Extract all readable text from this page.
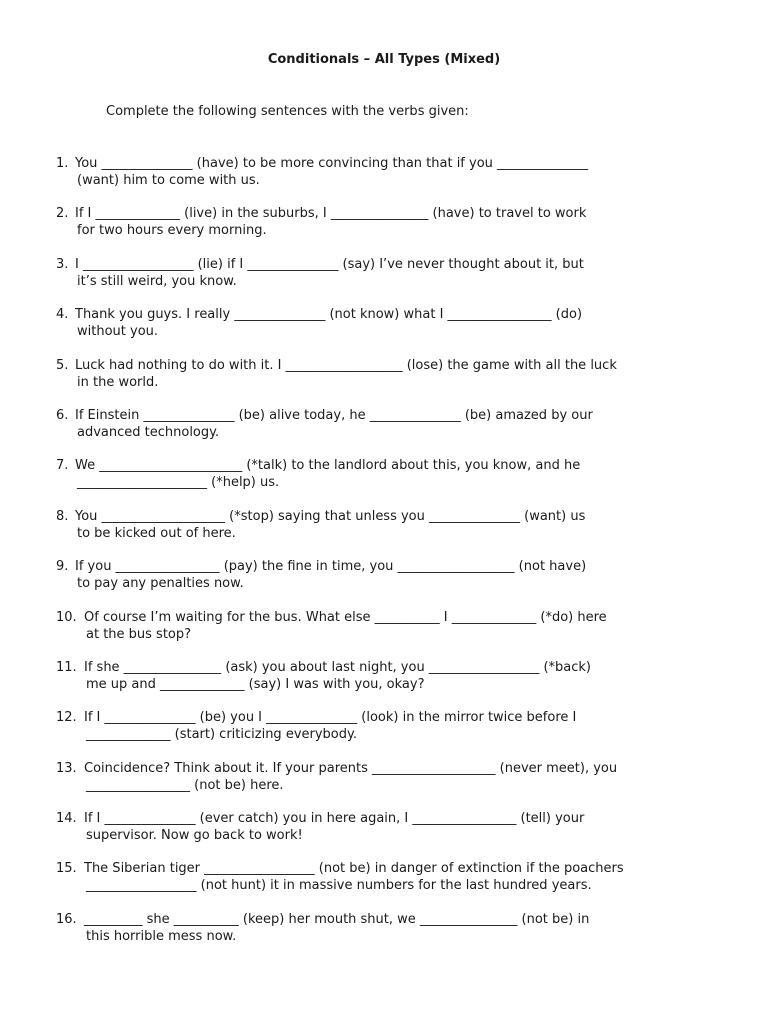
Conditionals – All Types (Mixed)
Complete the following sentences with the verbs given:
1. You ______________ (have) to be more convincing than that if you ______________
(want) him to come with us.
2. If I _____________ (live) in the suburbs, I _______________ (have) to travel to work
for two hours every morning.
3. I _________________ (lie) if I ______________ (say) I’ve never thought about it, but
it’s still weird, you know.
4. Thank you guys. I really ______________ (not know) what I ________________ (do)
without you.
5. Luck had nothing to do with it. I __________________ (lose) the game with all the luck
in the world.
6. If Einstein ______________ (be) alive today, he ______________ (be) amazed by our
advanced technology.
7. We ______________________ (*talk) to the landlord about this, you know, and he
____________________ (*help) us.
8. You ___________________ (*stop) saying that unless you ______________ (want) us
to be kicked out of here.
9. If you ________________ (pay) the fine in time, you __________________ (not have)
to pay any penalties now.
10. Of course I’m waiting for the bus. What else __________ I _____________ (*do) here
at the bus stop?
11. If she _______________ (ask) you about last night, you _________________ (*back)
me up and _____________ (say) I was with you, okay?
12. If I ______________ (be) you I ______________ (look) in the mirror twice before I
_____________ (start) criticizing everybody.
13. Coincidence? Think about it. If your parents ___________________ (never meet), you
________________ (not be) here.
14. If I ______________ (ever catch) you in here again, I ________________ (tell) your
supervisor. Now go back to work!
15. The Siberian tiger _________________ (not be) in danger of extinction if the poachers
_________________ (not hunt) it in massive numbers for the last hundred years.
16. _________ she __________ (keep) her mouth shut, we _______________ (not be) in
this horrible mess now.
